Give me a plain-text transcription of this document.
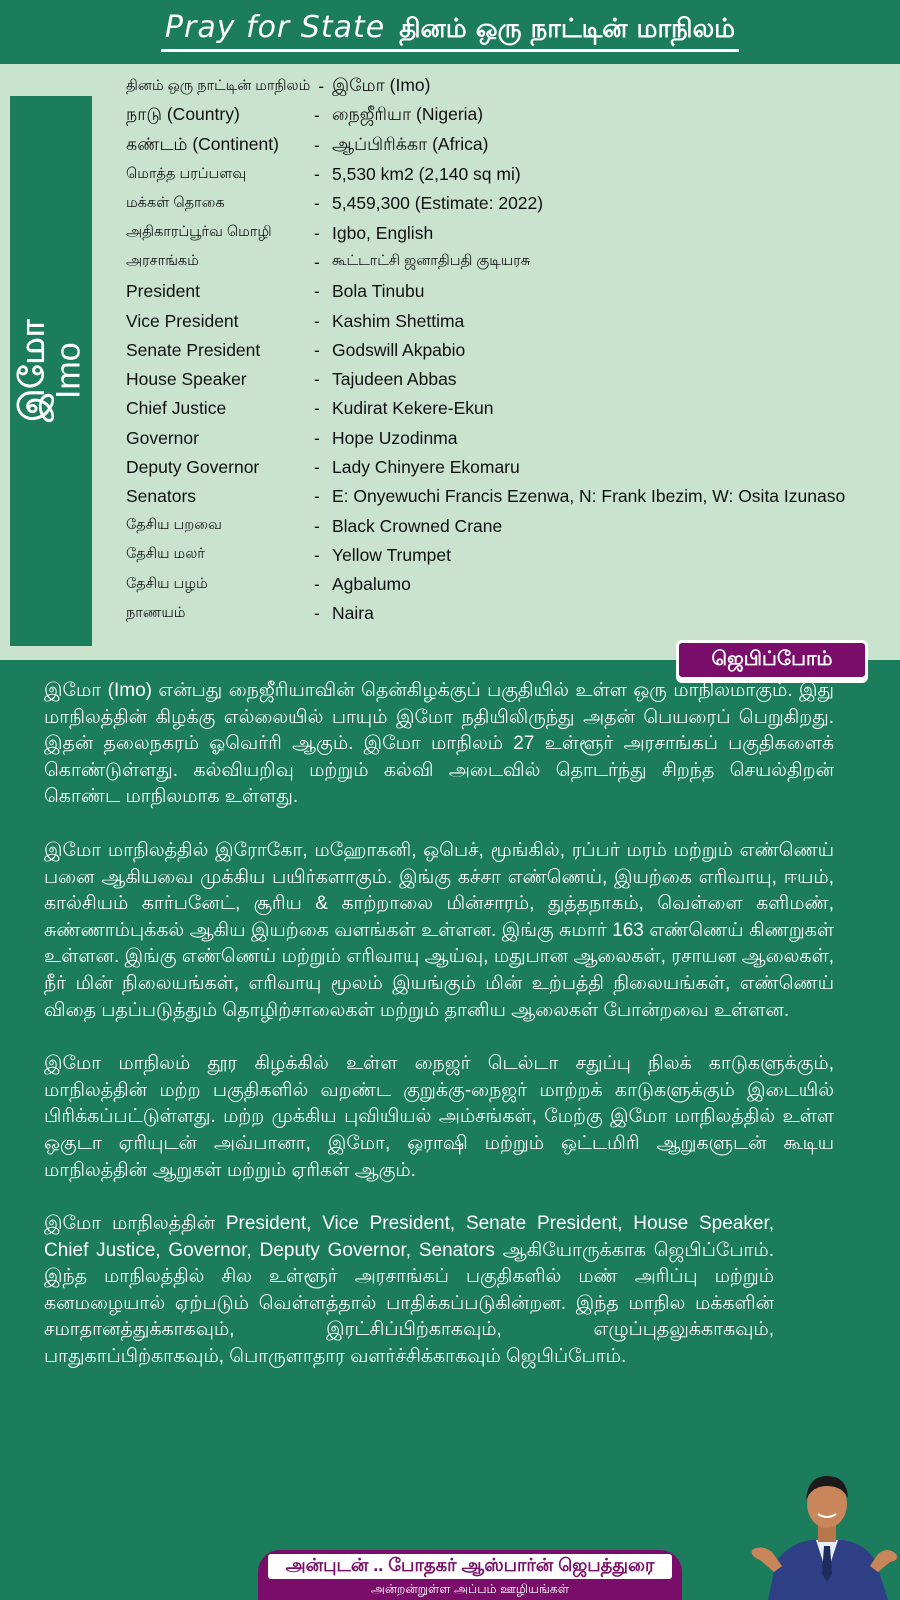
Pray for State தினம் ஒரு நாட்டின் மாநிலம்
இமோ
Imo
தினம் ஒரு நாட்டின் மாநிலம் - இமோ (Imo)
நாடு (Country)	- நைஜீரியா (Nigeria)
கண்டம் (Continent)	- ஆப்பிரிக்கா (Africa)
மொத்த பரப்பளவு	- 5,530 km2 (2,140 sq mi)
மக்கள் தொகை	- 5,459,300 (Estimate: 2022)
அதிகாரப்பூர்வ மொழி	- Igbo, English
அரசாங்கம்	- கூட்டாட்சி ஜனாதிபதி குடியரசு
President	- Bola Tinubu
Vice President	- Kashim Shettima
Senate President	- Godswill Akpabio
House Speaker	- Tajudeen Abbas
Chief Justice	- Kudirat Kekere-Ekun
Governor	- Hope Uzodinma
Deputy Governor	- Lady Chinyere Ekomaru
Senators	- E: Onyewuchi Francis Ezenwa, N: Frank Ibezim, W: Osita Izunaso
தேசிய பறவை	- Black Crowned Crane
தேசிய மலர்	- Yellow Trumpet
தேசிய பழம்	- Agbalumo
நாணயம்	- Naira
ஜெபிப்போம்

இமோ (Imo) என்பது நைஜீரியாவின் தென்கிழக்குப் பகுதியில் உள்ள ஒரு மாநிலமாகும். இது மாநிலத்தின் கிழக்கு எல்லையில் பாயும் இமோ நதியிலிருந்து அதன் பெயரைப் பெறுகிறது. இதன் தலைநகரம் ஓவெர்ரி ஆகும். இமோ மாநிலம் 27 உள்ளூர் அரசாங்கப் பகுதிகளைக் கொண்டுள்ளது. கல்வியறிவு மற்றும் கல்வி அடைவில் தொடர்ந்து சிறந்த செயல்திறன் கொண்ட மாநிலமாக உள்ளது.

இமோ மாநிலத்தில் இரோகோ, மஹோகனி, ஒபெச், மூங்கில், ரப்பர் மரம் மற்றும் எண்ணெய் பனை ஆகியவை முக்கிய பயிர்களாகும். இங்கு கச்சா எண்ணெய், இயற்கை எரிவாயு, ஈயம், கால்சியம் கார்பனேட், சூரிய & காற்றாலை மின்சாரம், துத்தநாகம், வெள்ளை களிமண், சுண்ணாம்புக்கல் ஆகிய இயற்கை வளங்கள் உள்ளன. இங்கு சுமார் 163 எண்ணெய் கிணறுகள் உள்ளன. இங்கு எண்ணெய் மற்றும் எரிவாயு ஆய்வு, மதுபான ஆலைகள், ரசாயன ஆலைகள், நீர் மின் நிலையங்கள், எரிவாயு மூலம் இயங்கும் மின் உற்பத்தி நிலையங்கள், எண்ணெய் விதை பதப்படுத்தும் தொழிற்சாலைகள் மற்றும் தானிய ஆலைகள் போன்றவை உள்ளன.

இமோ மாநிலம் தூர கிழக்கில் உள்ள நைஜர் டெல்டா சதுப்பு நிலக் காடுகளுக்கும், மாநிலத்தின் மற்ற பகுதிகளில் வறண்ட குறுக்கு-நைஜர் மாற்றக் காடுகளுக்கும் இடையில் பிரிக்கப்பட்டுள்ளது. மற்ற முக்கிய புவியியல் அம்சங்கள், மேற்கு இமோ மாநிலத்தில் உள்ள ஒகுடா ஏரியுடன் அவ்பானா, இமோ, ஒராஷி மற்றும் ஒட்டமிரி ஆறுகளுடன் கூடிய மாநிலத்தின் ஆறுகள் மற்றும் ஏரிகள் ஆகும்.

இமோ மாநிலத்தின் President, Vice President, Senate President, House Speaker, Chief Justice, Governor, Deputy Governor, Senators ஆகியோருக்காக ஜெபிப்போம். இந்த மாநிலத்தில் சில உள்ளூர் அரசாங்கப் பகுதிகளில் மண் அரிப்பு மற்றும் கனமழையால் ஏற்படும் வெள்ளத்தால் பாதிக்கப்படுகின்றன. இந்த மாநில மக்களின் சமாதானத்துக்காகவும், இரட்சிப்பிற்காகவும், எழுப்புதலுக்காகவும், பாதுகாப்பிற்காகவும், பொருளாதார வளர்ச்சிக்காகவும் ஜெபிப்போம்.

அன்புடன் .. போதகர் ஆஸ்பார்ன் ஜெபத்துரை
அன்றன்றுள்ள அப்பம் ஊழியங்கள்
